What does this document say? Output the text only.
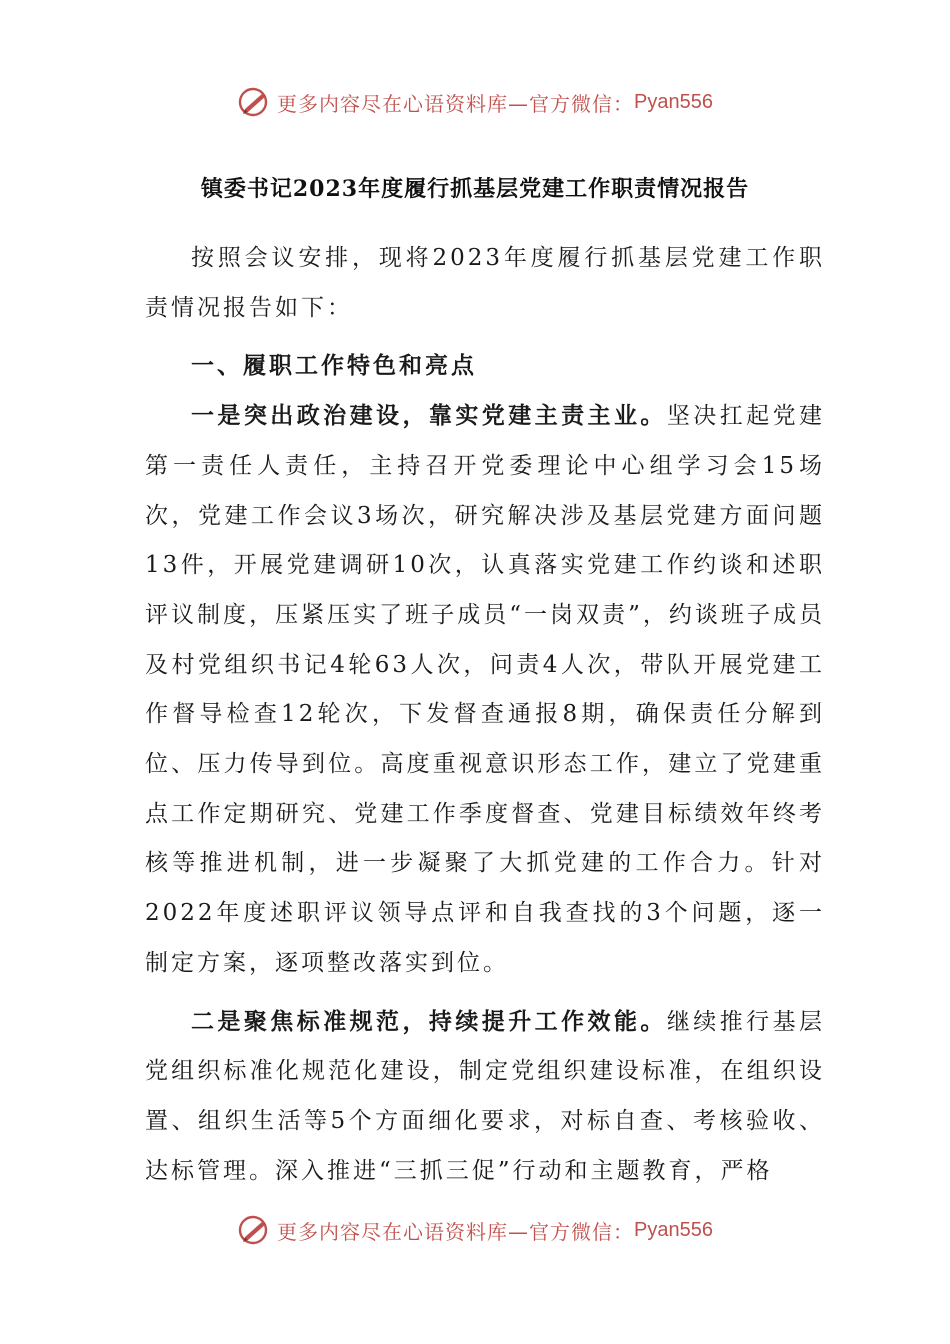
更多内容尽在心语资料库—官方微信： Pyan556
镇委书记2023年度履行抓基层党建工作职责情况报告

按照会议安排，现将2023年度履行抓基层党建工作职责情况报告如下：

一、履职工作特色和亮点

一是突出政治建设，靠实党建主责主业。坚决扛起党建第一责任人责任，主持召开党委理论中心组学习会15场次，党建工作会议3场次，研究解决涉及基层党建方面问题13件，开展党建调研10次，认真落实党建工作约谈和述职评议制度，压紧压实了班子成员“一岗双责”，约谈班子成员及村党组织书记4轮63人次，问责4人次，带队开展党建工作督导检查12轮次，下发督查通报8期，确保责任分解到位、压力传导到位。高度重视意识形态工作，建立了党建重点工作定期研究、党建工作季度督查、党建目标绩效年终考核等推进机制，进一步凝聚了大抓党建的工作合力。针对2022年度述职评议领导点评和自我查找的3个问题，逐一制定方案，逐项整改落实到位。

二是聚焦标准规范，持续提升工作效能。继续推行基层党组织标准化规范化建设，制定党组织建设标准，在组织设置、组织生活等5个方面细化要求，对标自查、考核验收、达标管理。深入推进“三抓三促”行动和主题教育，严格

更多内容尽在心语资料库—官方微信： Pyan556
